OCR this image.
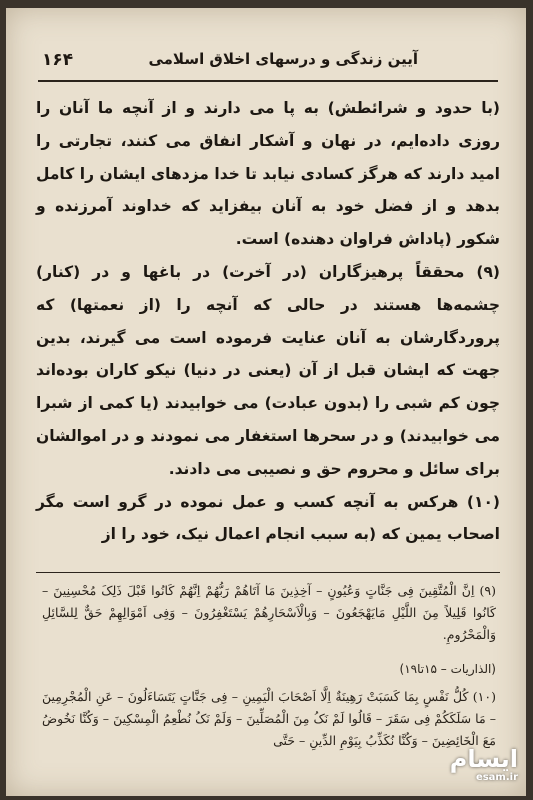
آیین زندگی و درسهای اخلاق اسلامی
۱۶۴

(با حدود و شرائطش) به پا می دارند و از آنچه ما آنان را روزی داده‌ایم، در نهان و آشکار انفاق می کنند، تجارتی را امید دارند که هرگز کسادی نیابد تا خدا مزدهای ایشان را کامل بدهد و از فضل خود به آنان بیفزاید که خداوند آمرزنده و شکور (پاداش فراوان دهنده) است.

(۹) محققاً پرهیزگاران (در آخرت) در باغها و در (کنار) چشمه‌ها هستند در حالی که آنچه را (از نعمتها) که پروردگارشان به آنان عنایت فرموده است می گیرند، بدین جهت که ایشان قبل از آن (یعنی در دنیا) نیکو کاران بوده‌اند چون کم شبی را (بدون عبادت) می خوابیدند (یا کمی از شبرا می خوابیدند) و در سحرها استغفار می نمودند و در اموالشان برای سائل و محروم حق و نصیبی می دادند.

(۱۰) هرکس به آنچه کسب و عمل نموده در گرو است مگر اصحاب یمین که (به سبب انجام اعمال نیک، خود را از

(۹) اِنَّ الْمُتَّقِینَ فِی جَنَّاتٍ وَعُیُونٍ – آخِذِینَ مَا آتَاهُمْ رَبُّهُمْ اِنَّهُمْ کَانُوا قَبْلَ ذَلِکَ مُحْسِنِینَ – کَانُوا قَلِیلاً مِنَ اللَّیْلِ مَایَهْجَعُونَ – وَبِالْاَسْحَارِهُمْ یَسْتَغْفِرُونَ – وَفِی اَمْوَالِهِمْ حَقٌّ لِلسَّائِلِ وَالْمَحْرُومِ.

(الذاریات – ۱۵تا۱۹)

(۱۰) کُلُّ نَفْسٍ بِمَا کَسَبَتْ رَهِینَةٌ اِلَّا اَصْحَابَ الْیَمِینِ – فِی جَنَّاتٍ یَتَسَاءَلُونَ – عَنِ الْمُجْرِمِینَ – مَا سَلَکَکُمْ فِی سَقَرَ – قَالُوا لَمْ نَکُ مِنَ الْمُصَلِّینَ – وَلَمْ نَکُ نُطْعِمُ الْمِسْکِینَ – وَکُنَّا نَخُوضُ مَعَ الْخَائِضِینَ – وَکُنَّا نُکَذِّبُ بِیَوْمِ الدِّینِ – حَتَّی

ایسام
esam.ir
